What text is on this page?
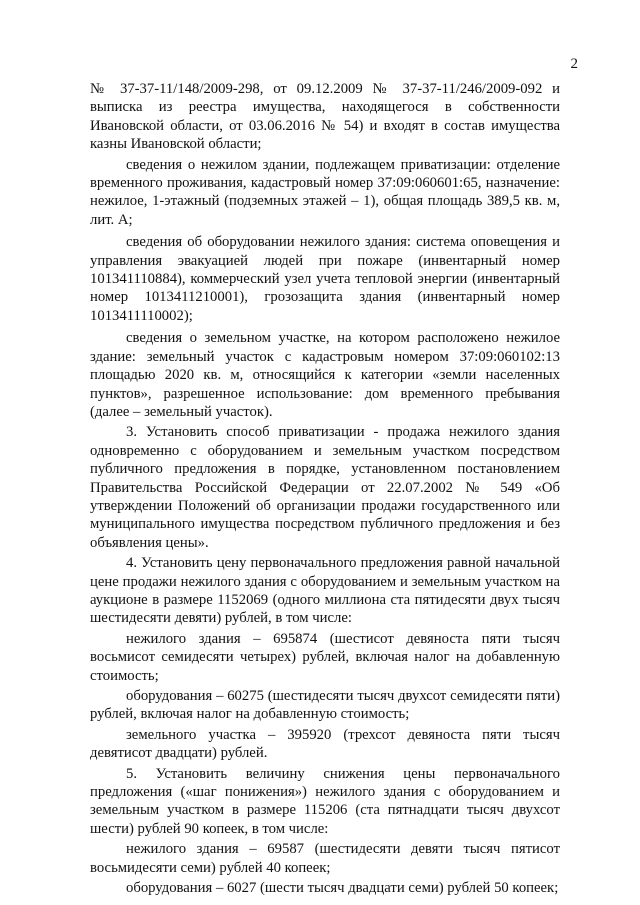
2

№ 37-37-11/148/2009-298, от 09.12.2009 № 37-37-11/246/2009-092 и выписка из реестра имущества, находящегося в собственности Ивановской области, от 03.06.2016 № 54) и входят в состав имущества казны Ивановской области;

сведения о нежилом здании, подлежащем приватизации: отделение временного проживания, кадастровый номер 37:09:060601:65, назначение: нежилое, 1-этажный (подземных этажей – 1), общая площадь 389,5 кв. м, лит. А;

сведения об оборудовании нежилого здания: система оповещения и управления эвакуацией людей при пожаре (инвентарный номер 101341110884), коммерческий узел учета тепловой энергии (инвентарный номер 1013411210001), грозозащита здания (инвентарный номер 1013411110002);

сведения о земельном участке, на котором расположено нежилое здание: земельный участок с кадастровым номером 37:09:060102:13 площадью 2020 кв. м, относящийся к категории «земли населенных пунктов», разрешенное использование: дом временного пребывания (далее – земельный участок).

3. Установить способ приватизации - продажа нежилого здания одновременно с оборудованием и земельным участком посредством публичного предложения в порядке, установленном постановлением Правительства Российской Федерации от 22.07.2002 № 549 «Об утверждении Положений об организации продажи государственного или муниципального имущества посредством публичного предложения и без объявления цены».

4. Установить цену первоначального предложения равной начальной цене продажи нежилого здания с оборудованием и земельным участком на аукционе в размере 1152069 (одного миллиона ста пятидесяти двух тысяч шестидесяти девяти) рублей, в том числе:

нежилого здания – 695874 (шестисот девяноста пяти тысяч восьмисот семидесяти четырех) рублей, включая налог на добавленную стоимость;

оборудования – 60275 (шестидесяти тысяч двухсот семидесяти пяти) рублей, включая налог на добавленную стоимость;

земельного участка – 395920 (трехсот девяноста пяти тысяч девятисот двадцати) рублей.

5. Установить величину снижения цены первоначального предложения («шаг понижения») нежилого здания с оборудованием и земельным участком в размере 115206 (ста пятнадцати тысяч двухсот шести) рублей 90 копеек, в том числе:

нежилого здания – 69587 (шестидесяти девяти тысяч пятисот восьмидесяти семи) рублей 40 копеек;

оборудования – 6027 (шести тысяч двадцати семи) рублей 50 копеек;
